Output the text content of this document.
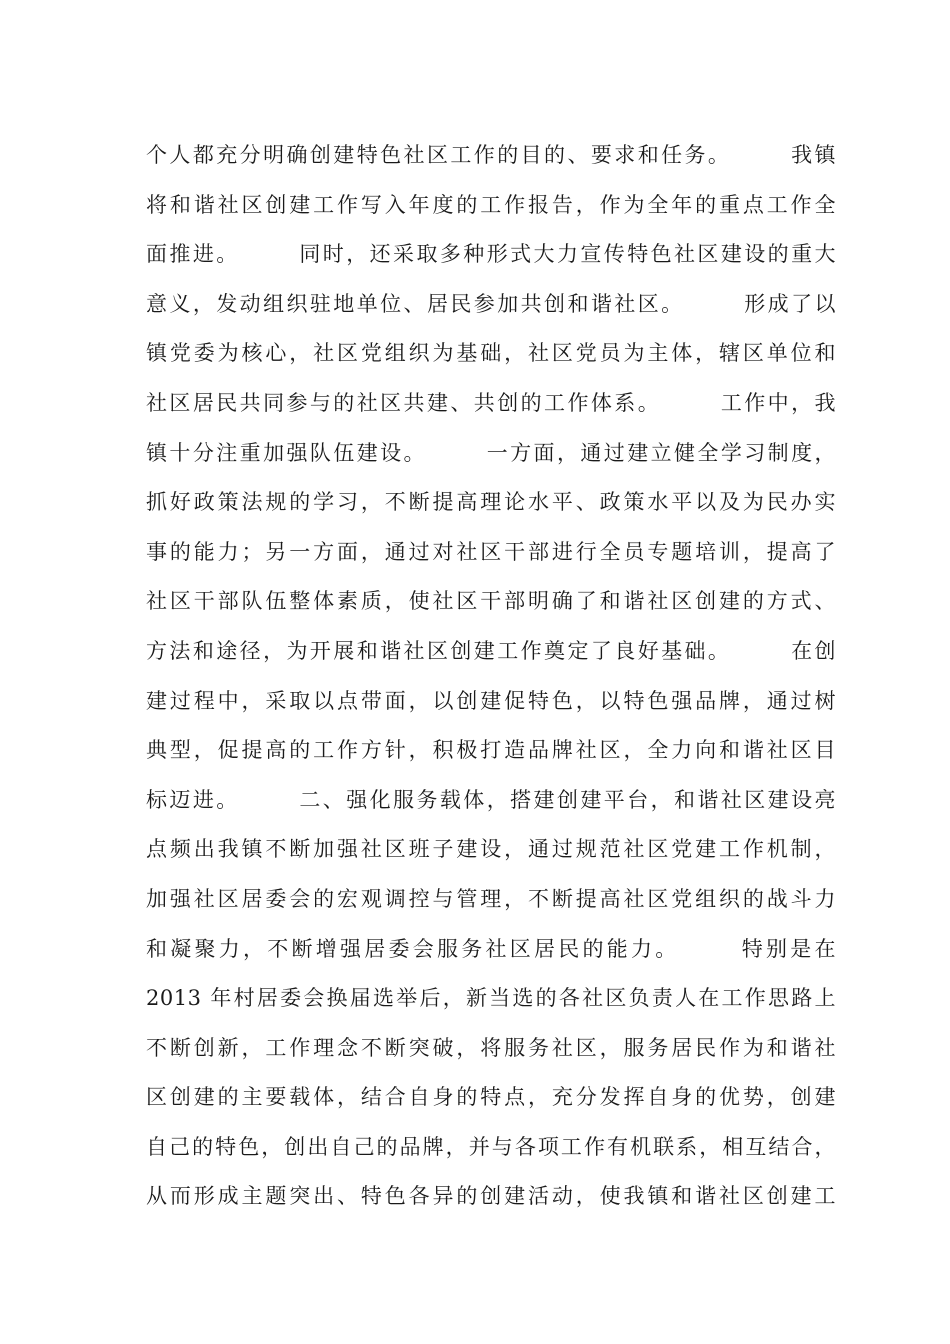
个人都充分明确创建特色社区工作的目的、要求和任务。　　　我镇
将和谐社区创建工作写入年度的工作报告，作为全年的重点工作全
面推进。　　　同时，还采取多种形式大力宣传特色社区建设的重大
意义，发动组织驻地单位、居民参加共创和谐社区。　　　形成了以
镇党委为核心，社区党组织为基础，社区党员为主体，辖区单位和
社区居民共同参与的社区共建、共创的工作体系。　　　工作中，我
镇十分注重加强队伍建设。　　　一方面，通过建立健全学习制度，
抓好政策法规的学习，不断提高理论水平、政策水平以及为民办实
事的能力；另一方面，通过对社区干部进行全员专题培训，提高了
社区干部队伍整体素质，使社区干部明确了和谐社区创建的方式、
方法和途径，为开展和谐社区创建工作奠定了良好基础。　　　在创
建过程中，采取以点带面，以创建促特色，以特色强品牌，通过树
典型，促提高的工作方针，积极打造品牌社区，全力向和谐社区目
标迈进。　　　二、强化服务载体，搭建创建平台，和谐社区建设亮
点频出我镇不断加强社区班子建设，通过规范社区党建工作机制，
加强社区居委会的宏观调控与管理，不断提高社区党组织的战斗力
和凝聚力，不断增强居委会服务社区居民的能力。　　　特别是在
2013 年村居委会换届选举后，新当选的各社区负责人在工作思路上
不断创新，工作理念不断突破，将服务社区，服务居民作为和谐社
区创建的主要载体，结合自身的特点，充分发挥自身的优势，创建
自己的特色，创出自己的品牌，并与各项工作有机联系，相互结合，
从而形成主题突出、特色各异的创建活动，使我镇和谐社区创建工
